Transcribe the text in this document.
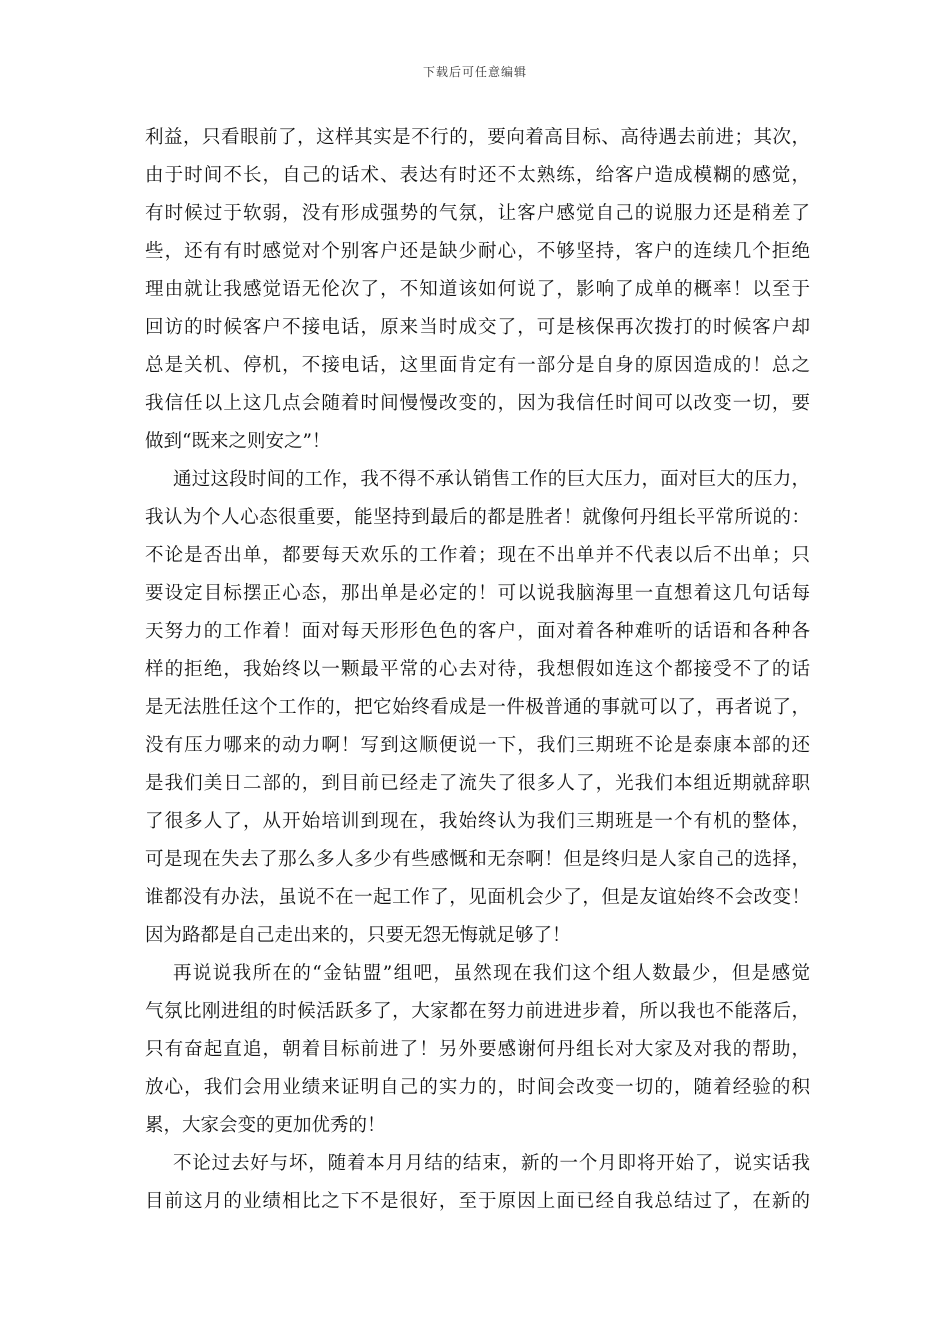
下载后可任意编辑
利益，只看眼前了，这样其实是不行的，要向着高目标、高待遇去前进；其次，
由于时间不长，自己的话术、表达有时还不太熟练，给客户造成模糊的感觉，
有时候过于软弱，没有形成强势的气氛，让客户感觉自己的说服力还是稍差了
些，还有有时感觉对个别客户还是缺少耐心，不够坚持，客户的连续几个拒绝
理由就让我感觉语无伦次了，不知道该如何说了，影响了成单的概率！以至于
回访的时候客户不接电话，原来当时成交了，可是核保再次拨打的时候客户却
总是关机、停机，不接电话，这里面肯定有一部分是自身的原因造成的！总之
我信任以上这几点会随着时间慢慢改变的，因为我信任时间可以改变一切，要
做到“既来之则安之”！
通过这段时间的工作，我不得不承认销售工作的巨大压力，面对巨大的压力，
我认为个人心态很重要，能坚持到最后的都是胜者！就像何丹组长平常所说的：
不论是否出单，都要每天欢乐的工作着；现在不出单并不代表以后不出单；只
要设定目标摆正心态，那出单是必定的！可以说我脑海里一直想着这几句话每
天努力的工作着！面对每天形形色色的客户，面对着各种难听的话语和各种各
样的拒绝，我始终以一颗最平常的心去对待，我想假如连这个都接受不了的话
是无法胜任这个工作的，把它始终看成是一件极普通的事就可以了，再者说了，
没有压力哪来的动力啊！写到这顺便说一下，我们三期班不论是泰康本部的还
是我们美日二部的，到目前已经走了流失了很多人了，光我们本组近期就辞职
了很多人了，从开始培训到现在，我始终认为我们三期班是一个有机的整体，
可是现在失去了那么多人多少有些感慨和无奈啊！但是终归是人家自己的选择，
谁都没有办法，虽说不在一起工作了，见面机会少了，但是友谊始终不会改变！
因为路都是自己走出来的，只要无怨无悔就足够了！
再说说我所在的“金钻盟”组吧，虽然现在我们这个组人数最少，但是感觉
气氛比刚进组的时候活跃多了，大家都在努力前进进步着，所以我也不能落后，
只有奋起直追，朝着目标前进了！另外要感谢何丹组长对大家及对我的帮助，
放心，我们会用业绩来证明自己的实力的，时间会改变一切的，随着经验的积
累，大家会变的更加优秀的！
不论过去好与坏，随着本月月结的结束，新的一个月即将开始了，说实话我
目前这月的业绩相比之下不是很好，至于原因上面已经自我总结过了，在新的
